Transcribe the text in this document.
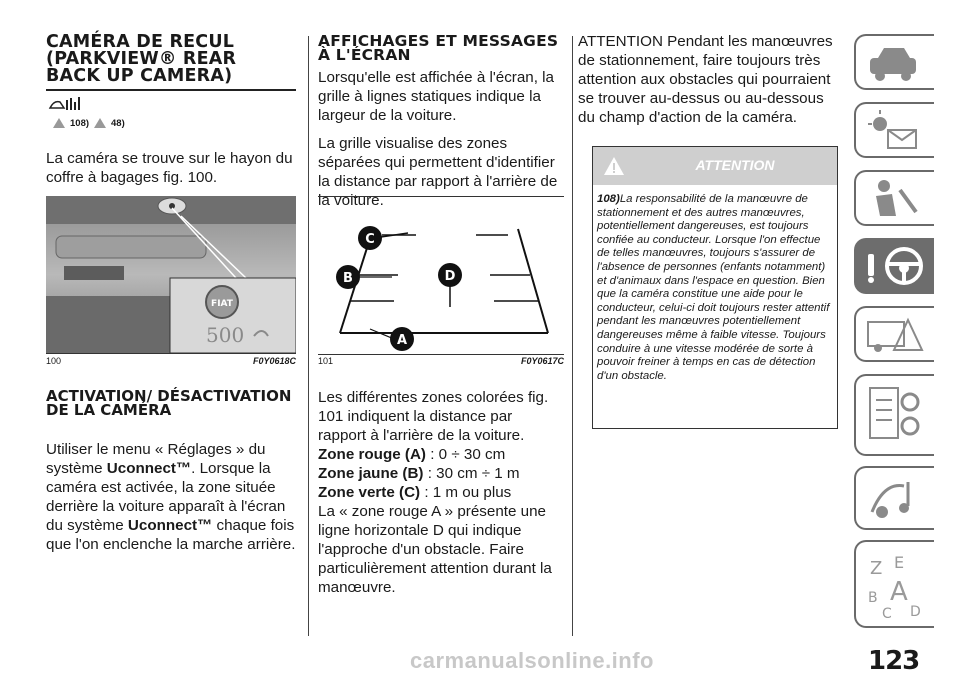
CAMÉRA DE RECUL (PARKVIEW® REAR BACK UP CAMERA)
108) 48)

La caméra se trouve sur le hayon du coffre à bagages fig. 100.

FIAT
500
100	F0Y0618C
ACTIVATION/ DÉSACTIVATION DE LA CAMÉRA

Utiliser le menu « Réglages » du système Uconnect™. Lorsque la caméra est activée, la zone située derrière la voiture apparaît à l'écran du système Uconnect™ chaque fois que l'on enclenche la marche arrière.

AFFICHAGES ET MESSAGES À L'ÉCRAN

Lorsqu'elle est affichée à l'écran, la grille à lignes statiques indique la largeur de la voiture.

La grille visualise des zones séparées qui permettent d'identifier la distance par rapport à l'arrière de la voiture.

C
B	D
A
101	F0Y0617C

Les différentes zones colorées fig. 101 indiquent la distance par rapport à l'arrière de la voiture.

Zone rouge (A) : 0 ÷ 30 cm

Zone jaune (B) : 30 cm ÷ 1 m

Zone verte (C) : 1 m ou plus

La « zone rouge A » présente une ligne horizontale D qui indique l'approche d'un obstacle. Faire particulièrement attention durant la manœuvre.

ATTENTION Pendant les manœuvres de stationnement, faire toujours très attention aux obstacles qui pourraient se trouver au-dessus ou au-dessous du champ d'action de la caméra.

ATTENTION
108)La responsabilité de la manœuvre de stationnement et des autres manœuvres, potentiellement dangereuses, est toujours confiée au conducteur. Lorsque l'on effectue de telles manœuvres, toujours s'assurer de l'absence de personnes (enfants notamment) et d'animaux dans l'espace en question. Bien que la caméra constitue une aide pour le conducteur, celui-ci doit toujours rester attentif pendant les manœuvres potentiellement dangereuses même à faible vitesse. Toujours conduire à une vitesse modérée de sorte à pouvoir freiner à temps en cas de détection d'un obstacle.
Z E
B A
C D
carmanualsonline.info	123
